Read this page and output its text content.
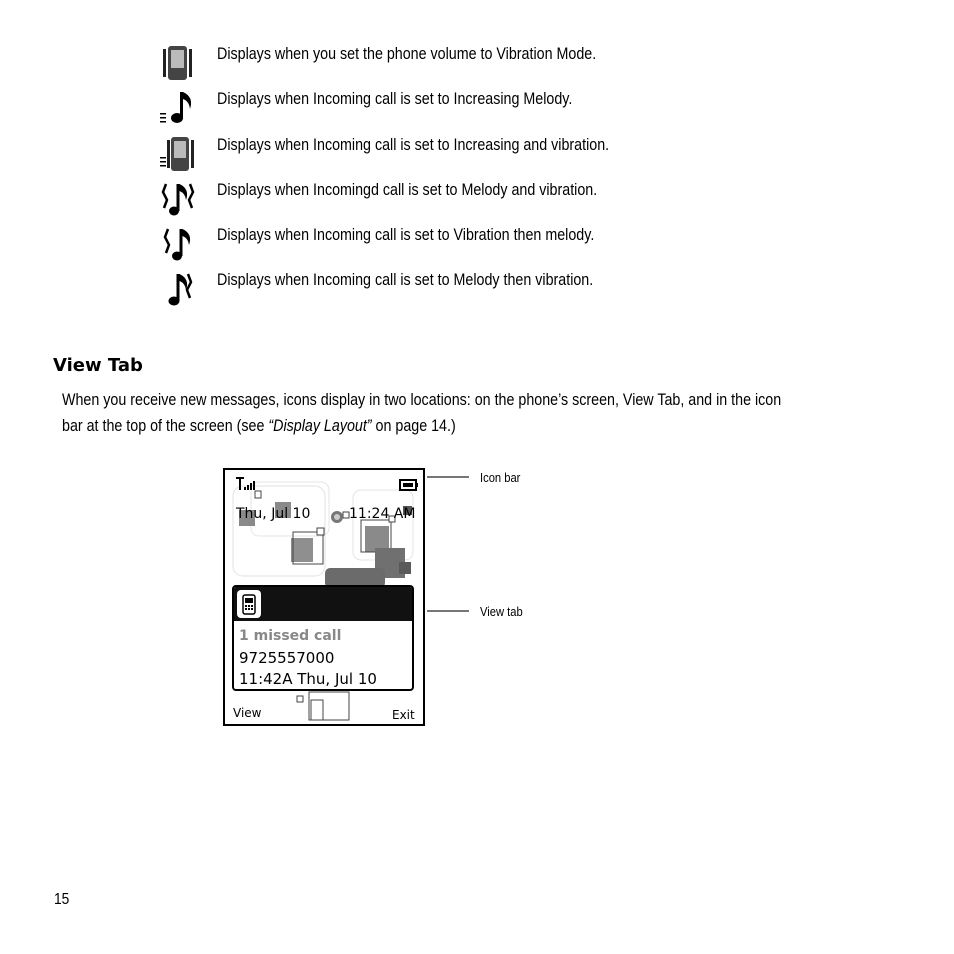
Displays when you set the phone volume to Vibration Mode.
Displays when Incoming call is set to Increasing Melody.
Displays when Incoming call is set to Increasing and vibration.
Displays when Incomingd call is set to Melody and vibration.
Displays when Incoming call is set to Vibration then melody.
Displays when Incoming call is set to Melody then vibration.
View Tab
When you receive new messages, icons display in two locations: on the phone’s screen, View Tab, and in the icon
bar at the top of the screen (see “Display Layout” on page 14.)
Thu, Jul 10	11:24 AM
1 missed call
9725557000
11:42A Thu, Jul 10
View	Exit
Icon bar
View tab
15
